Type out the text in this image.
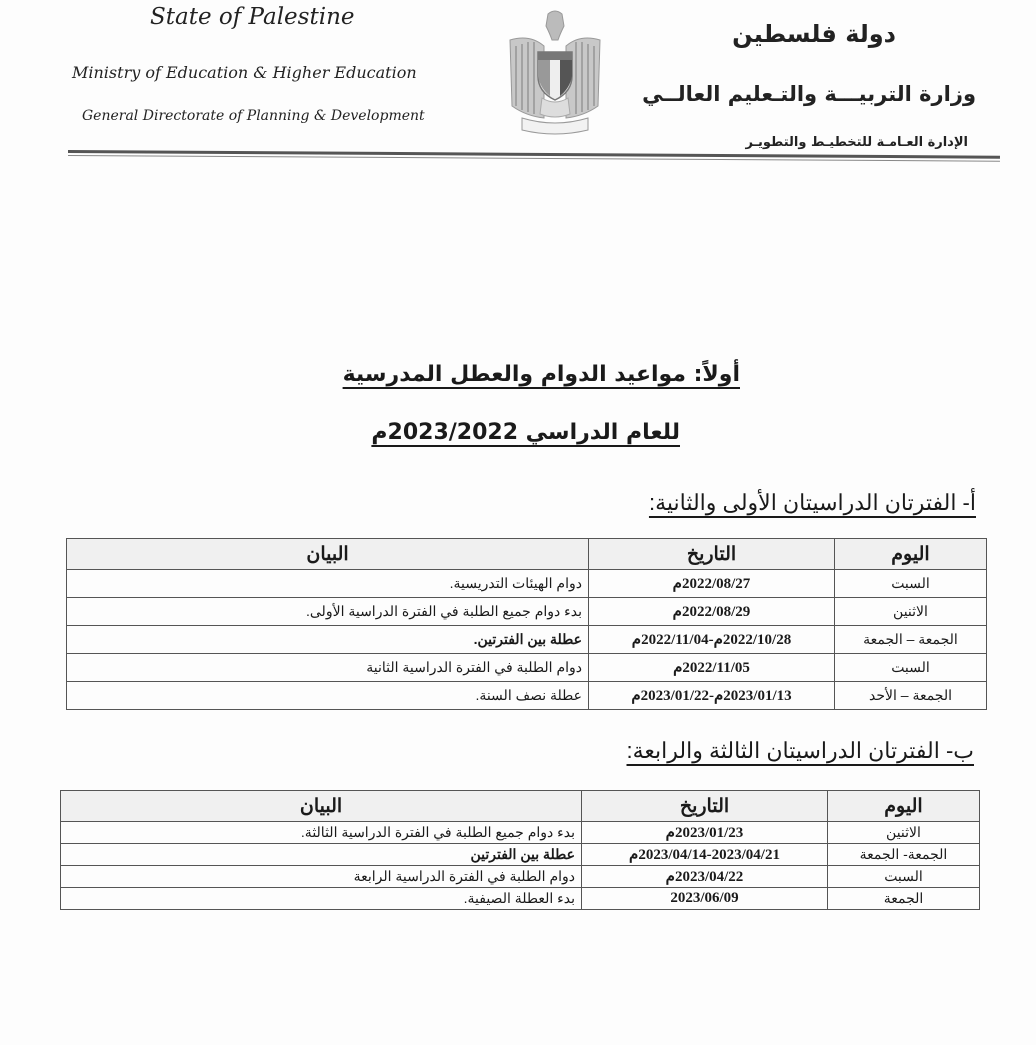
State of Palestine
Ministry of Education & Higher Education
General Directorate of Planning & Development
دولة فلسطين
وزارة التربيـــة والتـعليم العالــي
الإدارة العـامـة للتخطيـط والتطويـر
أولاً: مواعيد الدوام والعطل المدرسية
للعام الدراسي 2023/2022م
أ- الفترتان الدراسيتان الأولى والثانية:
اليوم	التاريخ	البيان
السبت	2022/08/27م	دوام الهيئات التدريسية.
الاثنين	2022/08/29م	بدء دوام جميع الطلبة في الفترة الدراسية الأولى.
الجمعة – الجمعة	2022/10/28م-2022/11/04م	عطلة بين الفترتين.
السبت	2022/11/05م	دوام الطلبة في الفترة الدراسية الثانية
الجمعة – الأحد	2023/01/13م-2023/01/22م	عطلة نصف السنة.
ب- الفترتان الدراسيتان الثالثة والرابعة:
اليوم	التاريخ	البيان
الاثنين	2023/01/23م	بدء دوام جميع الطلبة في الفترة الدراسية الثالثة.
الجمعة- الجمعة	2023/04/14-2023/04/21م	عطلة بين الفترتين
السبت	2023/04/22م	دوام الطلبة في الفترة الدراسية الرابعة
الجمعة	2023/06/09	بدء العطلة الصيفية.
